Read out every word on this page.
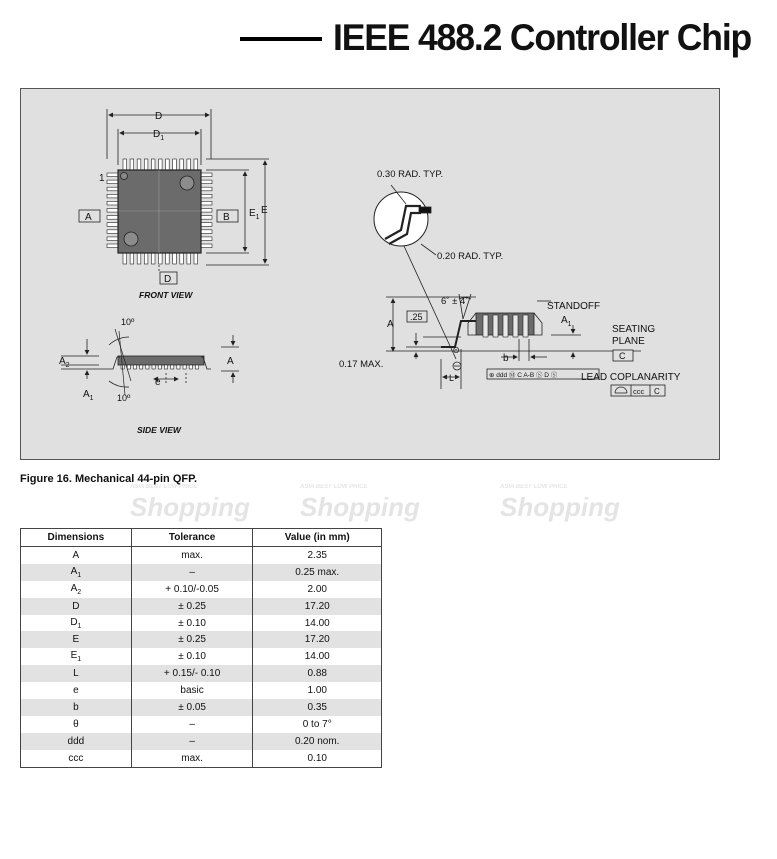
IEEE 488.2 Controller Chip
D
$D_1$
1
$E_1$
E
A	B
D
FRONT VIEW
10º
10º
$A_2$
$A_1$
A
e
SIDE VIEW
0.30 RAD. TYP.
0.20 RAD. TYP.
6˚ ± 4˚	STANDOFF
A
.25
0.17 MAX.
$A_1$	SEATING
PLANE
C
b
L
Θ
⊕ ddd Ⓜ C A-B Ⓢ D Ⓢ LEAD COPLANARITY
ccc C
Figure 16. Mechanical 44-pin QFP.
Shopping Shopping	Shopping
ASIA BEST LOW PRICE	ASIA BEST LOW PRICE	ASIA BEST LOW PRICE
Dimensions	Tolerance	Value (in mm)
A	max.	2.35
$A_1$	–	0.25 max.
$A_2$	+ 0.10/-0.05	2.00
D	± 0.25	17.20
$D_1$	± 0.10	14.00
E	± 0.25	17.20
$E_1$	± 0.10	14.00
L	+ 0.15/- 0.10	0.88
e	basic	1.00
b	± 0.05	0.35
θ	–	0 to 7°
ddd	–	0.20 nom.
ccc	max.	0.10
